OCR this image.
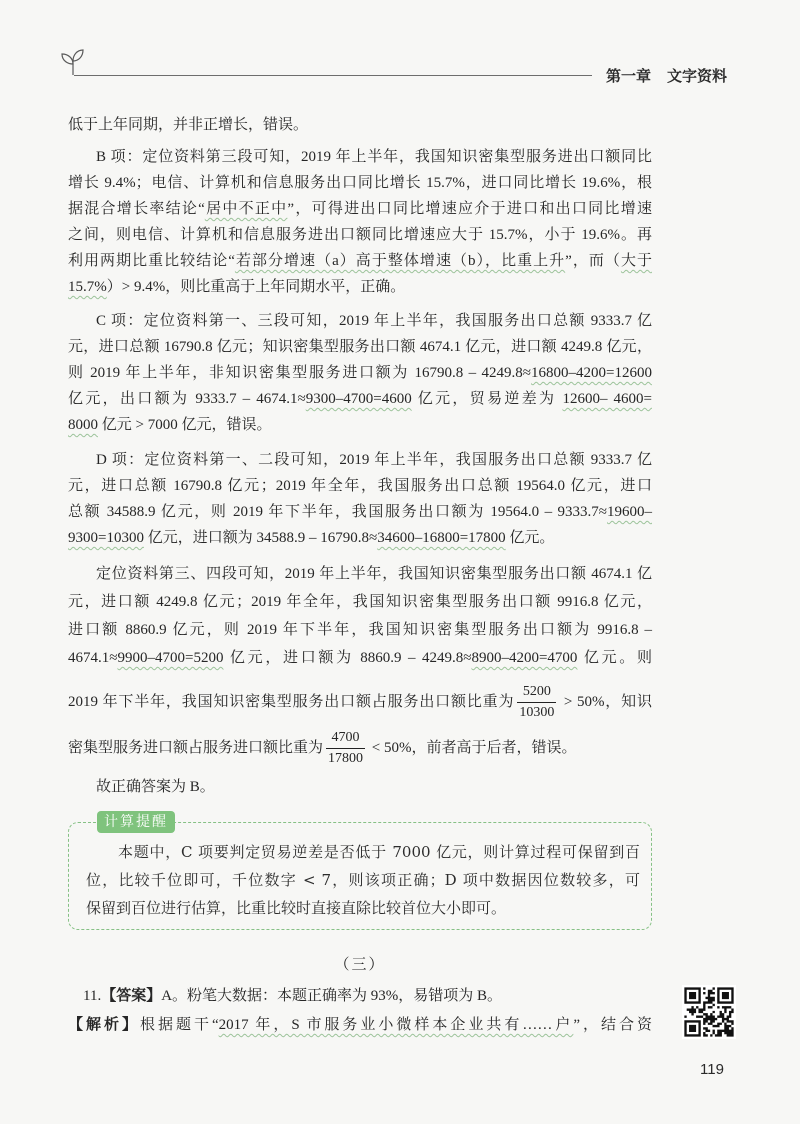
第一章 文字资料
低于上年同期，并非正增长，错误。
B 项：定位资料第三段可知，2019 年上半年，我国知识密集型服务进出口额同比
增长 9.4%；电信、计算机和信息服务出口同比增长 15.7%，进口同比增长 19.6%，根
据混合增长率结论“居中不正中”，可得进出口同比增速应介于进口和出口同比增速
之间，则电信、计算机和信息服务进出口额同比增速应大于 15.7%，小于 19.6%。再
利用两期比重比较结论“若部分增速（a）高于整体增速（b），比重上升”，而（大于
15.7%）> 9.4%，则比重高于上年同期水平，正确。
C 项：定位资料第一、三段可知，2019 年上半年，我国服务出口总额 9333.7 亿
元，进口总额 16790.8 亿元；知识密集型服务出口额 4674.1 亿元，进口额 4249.8 亿元，
则 2019 年上半年，非知识密集型服务进口额为 16790.8 – 4249.8≈16800–4200=12600
亿元，出口额为 9333.7 – 4674.1≈9300–4700=4600 亿元，贸易逆差为 12600– 4600=
8000 亿元 > 7000 亿元，错误。
D 项：定位资料第一、二段可知，2019 年上半年，我国服务出口总额 9333.7 亿
元，进口总额 16790.8 亿元；2019 年全年，我国服务出口总额 19564.0 亿元，进口
总额 34588.9 亿元，则 2019 年下半年，我国服务出口额为 19564.0 – 9333.7≈19600–
9300=10300 亿元，进口额为 34588.9 – 16790.8≈34600–16800=17800 亿元。
定位资料第三、四段可知，2019 年上半年，我国知识密集型服务出口额 4674.1 亿
元，进口额 4249.8 亿元；2019 年全年，我国知识密集型服务出口额 9916.8 亿元，
进口额 8860.9 亿元，则 2019 年下半年，我国知识密集型服务出口额为 9916.8 –
4674.1≈9900–4700=5200 亿元，进口额为 8860.9 – 4249.8≈8900–4200=4700 亿元。则
2019 年下半年，我国知识密集型服务出口额占服务出口额比重为 $\frac{5200}{10300} > 50\%$，知识
密集型服务进口额占服务进口额比重为 $\frac{4700}{17800} < 50\%$，前者高于后者，错误。
故正确答案为 B。
计算提醒
本题中，C 项要判定贸易逆差是否低于 7000 亿元，则计算过程可保留到百
位，比较千位即可，千位数字 < 7，则该项正确；D 项中数据因位数较多，可
保留到百位进行估算，比重比较时直接直除比较首位大小即可。
（三）
11.【答案】A。粉笔大数据：本题正确率为 93%，易错项为 B。
【解析】根据题干“2017 年，S 市服务业小微样本企业共有……户”，结合资
119
